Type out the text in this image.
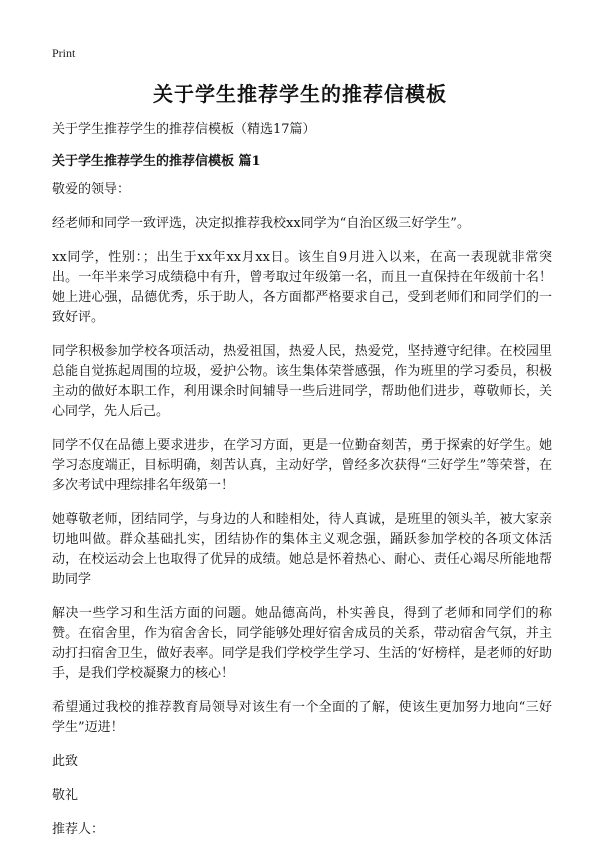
Print
关于学生推荐学生的推荐信模板

关于学生推荐学生的推荐信模板（精选17篇）

关于学生推荐学生的推荐信模板 篇1

敬爱的领导：

经老师和同学一致评选，决定拟推荐我校xx同学为“自治区级三好学生”。

xx同学，性别：；出生于xx年xx月xx日。该生自9月进入以来，在高一表现就非常突出。一年半来学习成绩稳中有升，曾考取过年级第一名，而且一直保持在年级前十名！她上进心强，品德优秀，乐于助人，各方面都严格要求自己，受到老师们和同学们的一致好评。

同学积极参加学校各项活动，热爱祖国，热爱人民，热爱党，坚持遵守纪律。在校园里总能自觉拣起周围的垃圾，爱护公物。该生集体荣誉感强，作为班里的学习委员，积极主动的做好本职工作，利用课余时间辅导一些后进同学，帮助他们进步，尊敬师长，关心同学，先人后己。

同学不仅在品德上要求进步，在学习方面，更是一位勤奋刻苦，勇于探索的好学生。她学习态度端正，目标明确，刻苦认真，主动好学，曾经多次获得“三好学生”等荣誉，在多次考试中理综排名年级第一！

她尊敬老师，团结同学，与身边的人和睦相处，待人真诚，是班里的领头羊，被大家亲切地叫做。群众基础扎实，团结协作的集体主义观念强，踊跃参加学校的各项文体活动，在校运动会上也取得了优异的成绩。她总是怀着热心、耐心、责任心竭尽所能地帮助同学

解决一些学习和生活方面的问题。她品德高尚，朴实善良，得到了老师和同学们的称赞。在宿舍里，作为宿舍舍长，同学能够处理好宿舍成员的关系，带动宿舍气氛，并主动打扫宿舍卫生，做好表率。同学是我们学校学生学习、生活的‘好榜样，是老师的好助手，是我们学校凝聚力的核心！

希望通过我校的推荐教育局领导对该生有一个全面的了解，使该生更加努力地向“三好学生”迈进！

此致

敬礼

推荐人：
